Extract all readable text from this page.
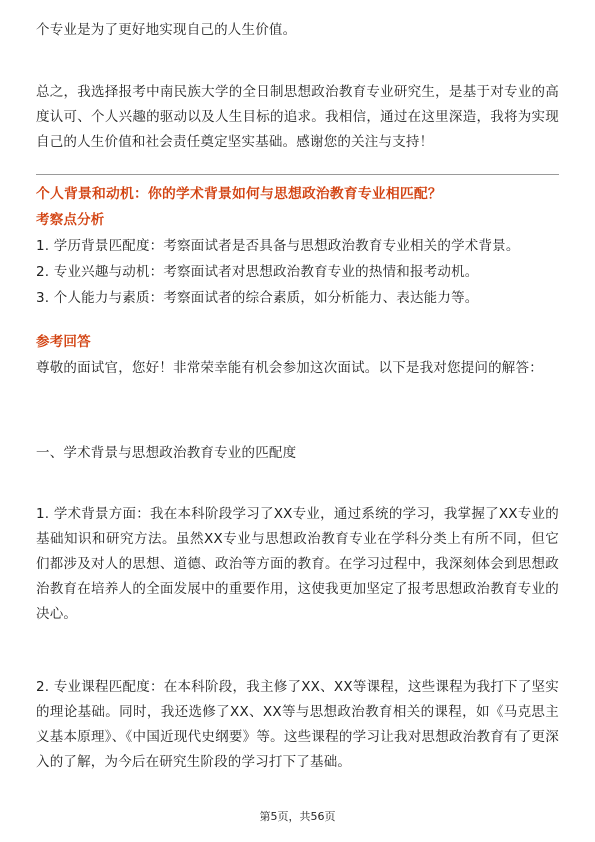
个专业是为了更好地实现自己的人生价值。

总之，我选择报考中南民族大学的全日制思想政治教育专业研究生，是基于对专业的高度认可、个人兴趣的驱动以及人生目标的追求。我相信，通过在这里深造，我将为实现自己的人生价值和社会责任奠定坚实基础。感谢您的关注与支持！

个人背景和动机：你的学术背景如何与思想政治教育专业相匹配？

考察点分析

1. 学历背景匹配度：考察面试者是否具备与思想政治教育专业相关的学术背景。

2. 专业兴趣与动机：考察面试者对思想政治教育专业的热情和报考动机。

3. 个人能力与素质：考察面试者的综合素质，如分析能力、表达能力等。

参考回答

尊敬的面试官，您好！非常荣幸能有机会参加这次面试。以下是我对您提问的解答：

一、学术背景与思想政治教育专业的匹配度

1. 学术背景方面：我在本科阶段学习了XX专业，通过系统的学习，我掌握了XX专业的基础知识和研究方法。虽然XX专业与思想政治教育专业在学科分类上有所不同，但它们都涉及对人的思想、道德、政治等方面的教育。在学习过程中，我深刻体会到思想政治教育在培养人的全面发展中的重要作用，这使我更加坚定了报考思想政治教育专业的决心。

2. 专业课程匹配度：在本科阶段，我主修了XX、XX等课程，这些课程为我打下了坚实的理论基础。同时，我还选修了XX、XX等与思想政治教育相关的课程，如《马克思主义基本原理》、《中国近现代史纲要》等。这些课程的学习让我对思想政治教育有了更深入的了解，为今后在研究生阶段的学习打下了基础。

第5页，共56页
